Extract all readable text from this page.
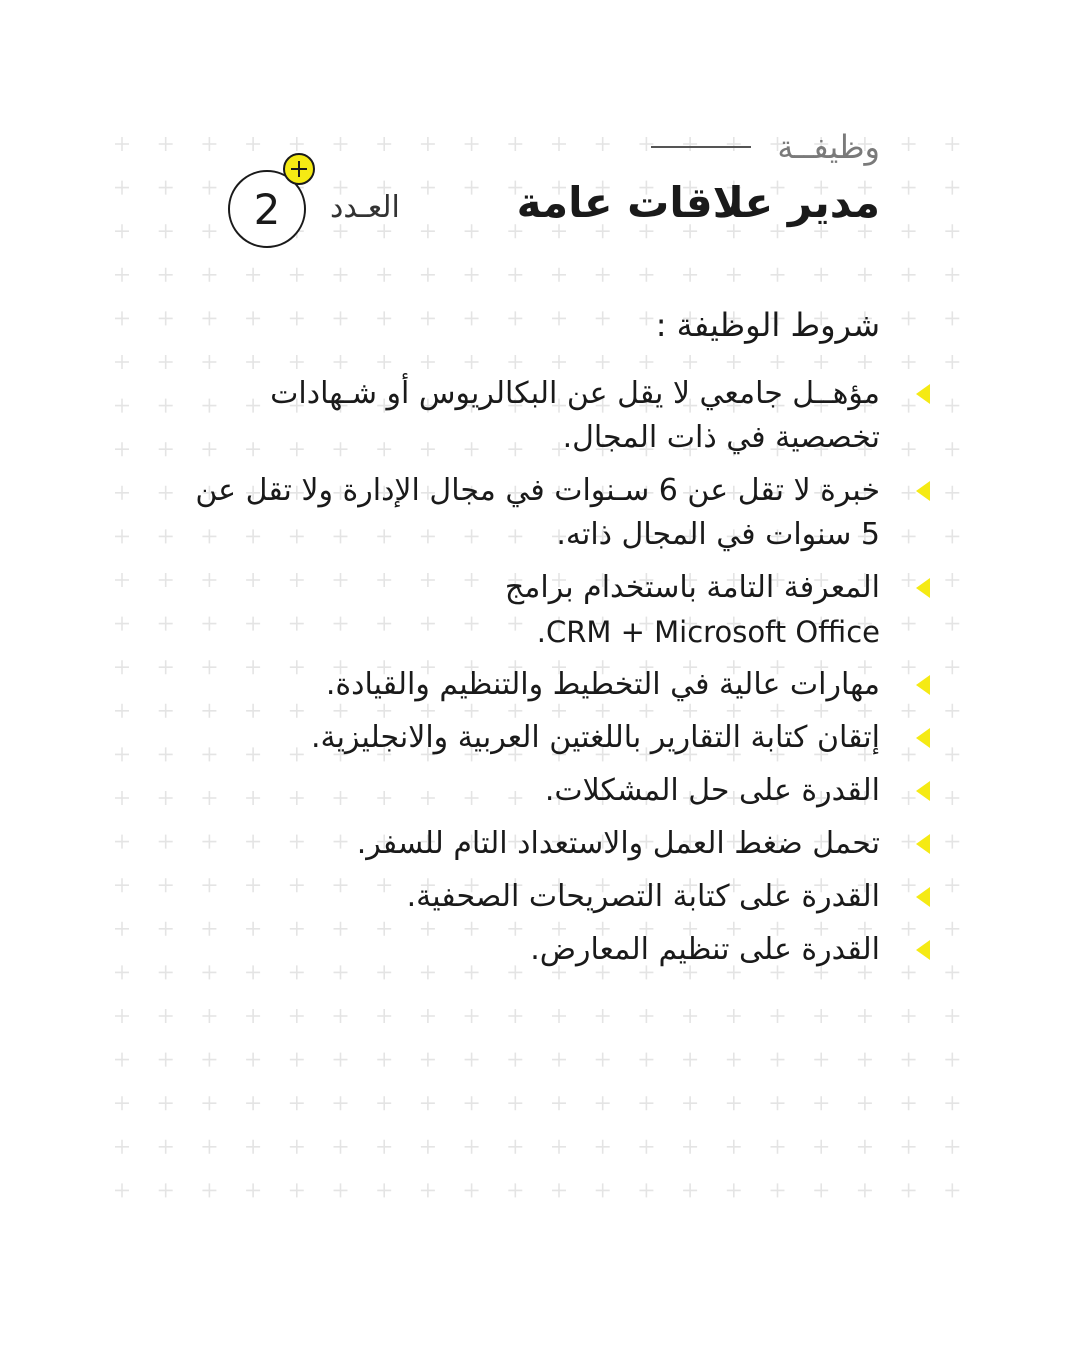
وظيفــة
مدير علاقات عامة
العـدد
2
شروط الوظيفة :
مؤهــل جامعي لا يقل عن البكالريوس أو شـهادات تخصصية في ذات المجال.
خبرة لا تقل عن 6 سـنوات في مجال الإدارة ولا تقل عن 5 سنوات في المجال ذاته.
المعرفة التامة باستخدام برامج
.CRM + Microsoft Office
مهارات عالية في التخطيط والتنظيم والقيادة.
إتقان كتابة التقارير باللغتين العربية والانجليزية.
القدرة على حل المشكلات.
تحمل ضغط العمل والاستعداد التام للسفر.
القدرة على كتابة التصريحات الصحفية.
القدرة على تنظيم المعارض.
